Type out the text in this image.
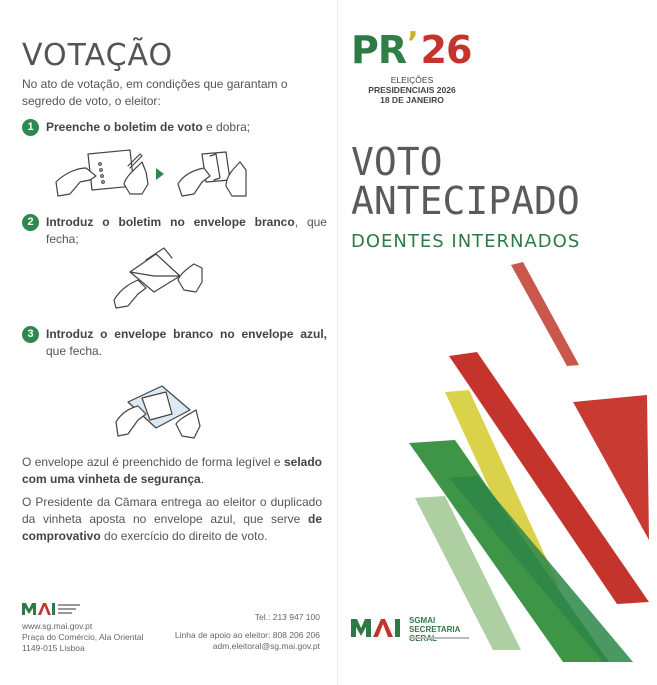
VOTAÇÃO

No ato de votação, em condições que garantam o segredo de voto, o eleitor:

1	Preenche o boletim de voto e dobra;
2	Introduz o boletim no envelope branco, que fecha;
3	Introduz o envelope branco no envelope azul, que fecha.

O envelope azul é preenchido de forma legível e selado com uma vinheta de segurança.

O Presidente da Câmara entrega ao eleitor o duplicado da vinheta aposta no envelope azul, que serve de comprovativo do exercício do direito de voto.

www.sg.mai.gov.pt
Praça do Comércio, Ala Oriental
1149-015 Lisboa
Tel.: 213 947 100
Linha de apoio ao eleitor: 808 206 206
adm.eleitoral@sg.mai.gov.pt
PR’26
ELEIÇÕES
PRESIDENCIAIS 2026
18 DE JANEIRO
VOTO
ANTECIPADO
DOENTES INTERNADOS
SGMAI
SECRETARIA
